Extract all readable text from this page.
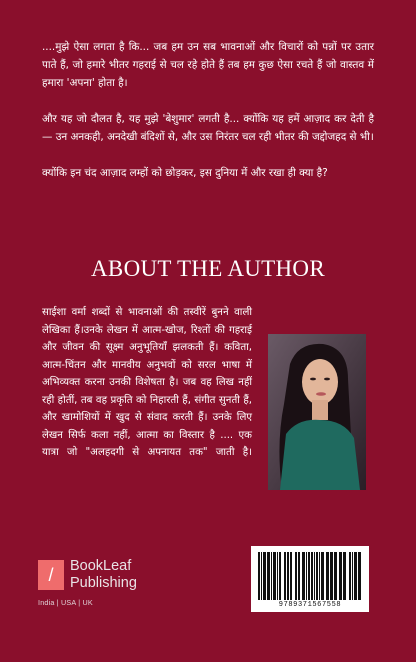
....मुझे ऐसा लगता है कि... जब हम उन सब भावनाओं और विचारों को पन्नों पर उतार पाते हैं, जो हमारे भीतर गहराई से चल रहे होते हैं तब हम कुछ ऐसा रचते हैं जो वास्तव में हमारा 'अपना' होता है।

और यह जो दौलत है, यह मुझे 'बेशुमार' लगती है... क्योंकि यह हमें आज़ाद कर देती है — उन अनकही, अनदेखी बंदिशों से, और उस निरंतर चल रही भीतर की जद्दोजहद से भी।

क्योंकि इन चंद आज़ाद लम्हों को छोड़कर, इस दुनिया में और रखा ही क्या है?

ABOUT THE AUTHOR

साईशा वर्मा शब्दों से भावनाओं की तस्वीरें बुनने वाली लेखिका हैं।उनके लेखन में आत्म-खोज, रिश्तों की गहराई और जीवन की सूक्ष्म अनुभूतियाँ झलकती हैं। कविता, आत्म-चिंतन और मानवीय अनुभवों को सरल भाषा में अभिव्यक्त करना उनकी विशेषता है। जब वह लिख नहीं रही होतीं, तब वह प्रकृति को निहारती हैं, संगीत सुनती हैं, और खामोशियों में खुद से संवाद करती हैं। उनके लिए लेखन सिर्फ कला नहीं, आत्मा का विस्तार है .... एक यात्रा जो "अलहदगी से अपनायत तक" जाती है।

/	BookLeaf
Publishing
India | USA | UK	9789371567558
